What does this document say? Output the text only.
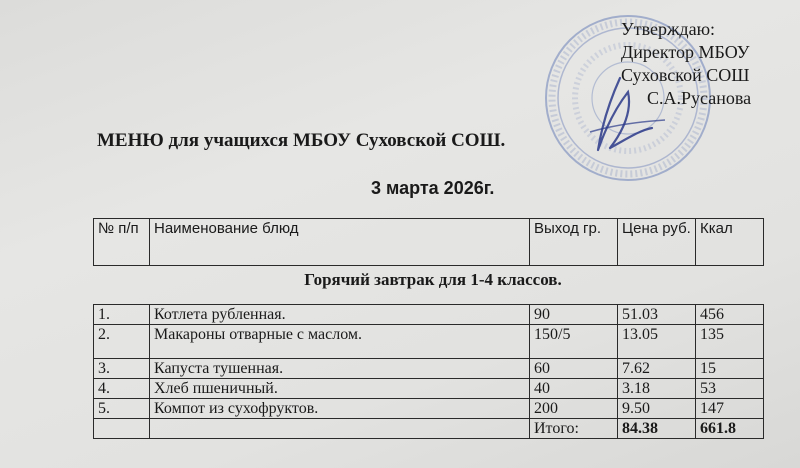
Утверждаю:
Директор МБОУ
Суховской СОШ
С.А.Русанова
МЕНЮ для учащихся МБОУ Суховской СОШ.
3 марта 2026г.
№ п/п	Наименование блюд	Выход гр.	Цена руб.	Ккал
Горячий завтрак для 1-4 классов.
1.	Котлета рубленная.	90	51.03	456
2.	Макароны отварные с маслом.	150/5	13.05	135
3.	Капуста тушенная.	60	7.62	15
4.	Хлеб пшеничный.	40	3.18	53
5.	Компот из сухофруктов.	200	9.50	147
		Итого:	84.38	661.8
